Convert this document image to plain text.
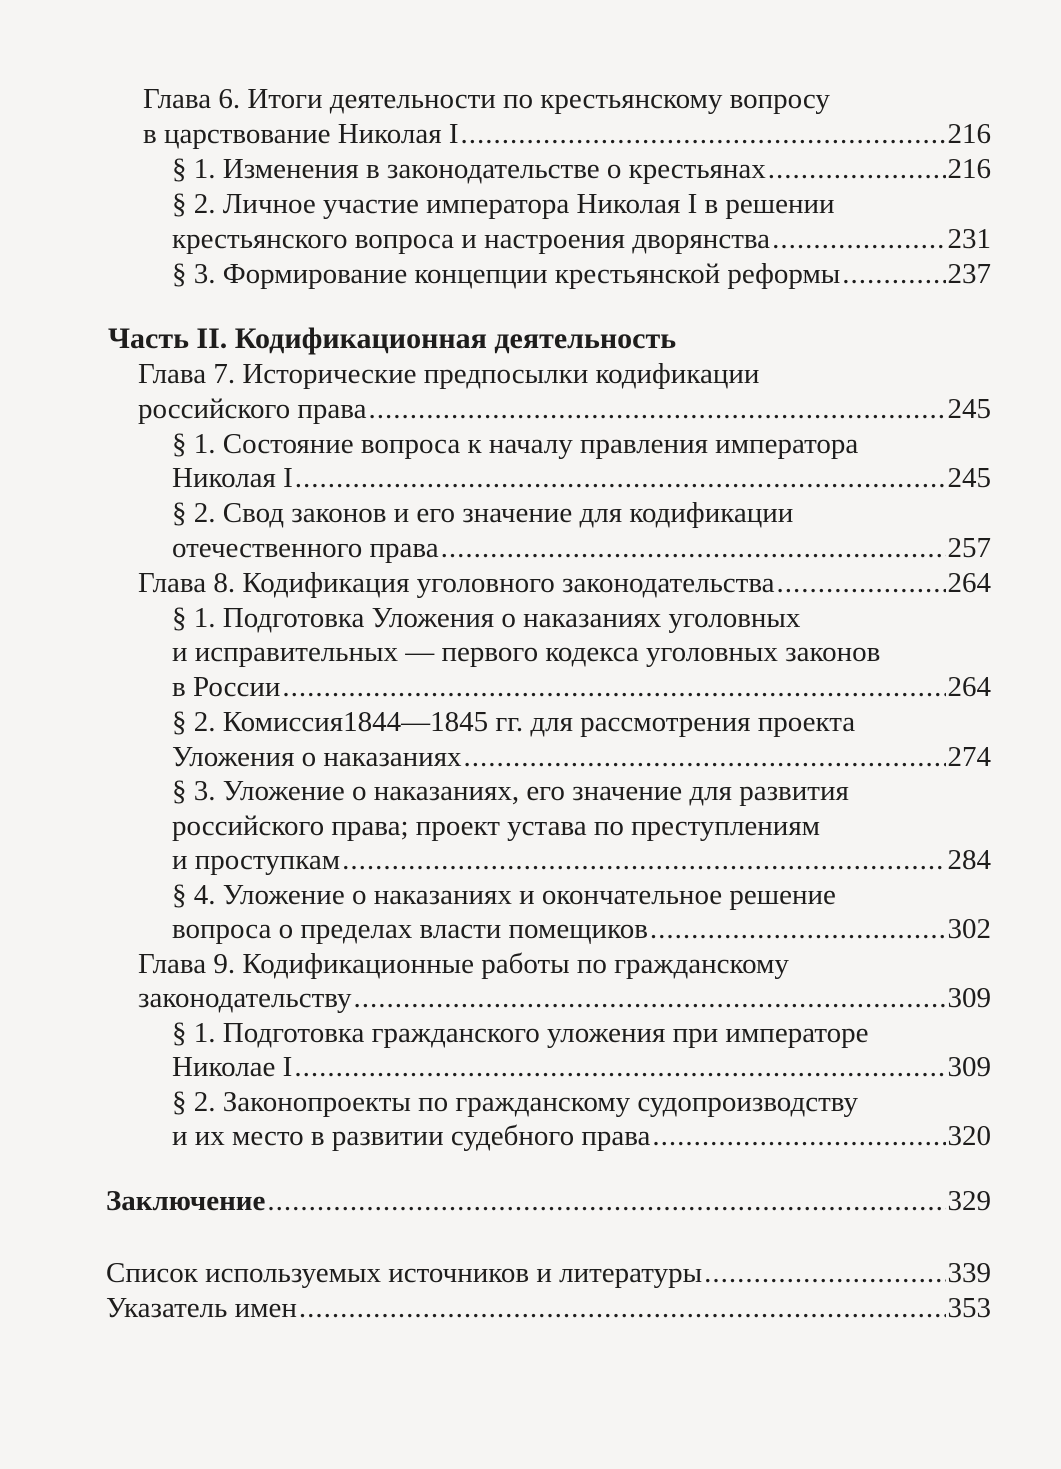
Глава 6. Итоги деятельности по крестьянскому вопросу
в царствование Николая I .....	216
§ 1. Изменения в законодательстве о крестьянах .....	216
§ 2. Личное участие императора Николая I в решении
крестьянского вопроса и настроения дворянства .....	231
§ 3. Формирование концепции крестьянской реформы .....	237
Часть II. Кодификационная деятельность
Глава 7. Исторические предпосылки кодификации
российского права .....	245
§ 1. Состояние вопроса к началу правления императора
Николая I .....	245
§ 2. Свод законов и его значение для кодификации
отечественного права .....	257
Глава 8. Кодификация уголовного законодательства .....	264
§ 1. Подготовка Уложения о наказаниях уголовных
и исправительных — первого кодекса уголовных законов
в России .....	264
§ 2. Комиссия1844—1845 гг. для рассмотрения проекта
Уложения о наказаниях .....	274
§ 3. Уложение о наказаниях, его значение для развития
российского права; проект устава по преступлениям
и проступкам .....	284
§ 4. Уложение о наказаниях и окончательное решение
вопроса о пределах власти помещиков .....	302
Глава 9. Кодификационные работы по гражданскому
законодательству .....	309
§ 1. Подготовка гражданского уложения при императоре
Николае I .....	309
§ 2. Законопроекты по гражданскому судопроизводству
и их место в развитии судебного права .....	320
Заключение .....	329
Список используемых источников и литературы .....	339
Указатель имен .....	353
